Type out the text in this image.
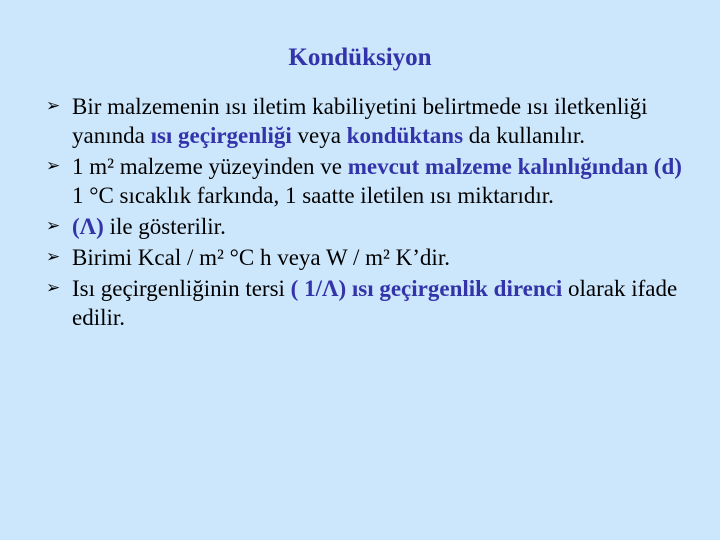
Kondüksiyon
➢ Bir malzemenin ısı iletim kabiliyetini belirtmede ısı iletkenliği yanında ısı geçirgenliği veya kondüktans da kullanılır.
➢ 1 m² malzeme yüzeyinden ve mevcut malzeme kalınlığından (d) 1 °C sıcaklık farkında, 1 saatte iletilen ısı miktarıdır.
➢ (Λ) ile gösterilir.
➢ Birimi Kcal / m² °C h veya W / m² K’dir.
➢ Isı geçirgenliğinin tersi ( 1/Λ) ısı geçirgenlik direnci olarak ifade edilir.
